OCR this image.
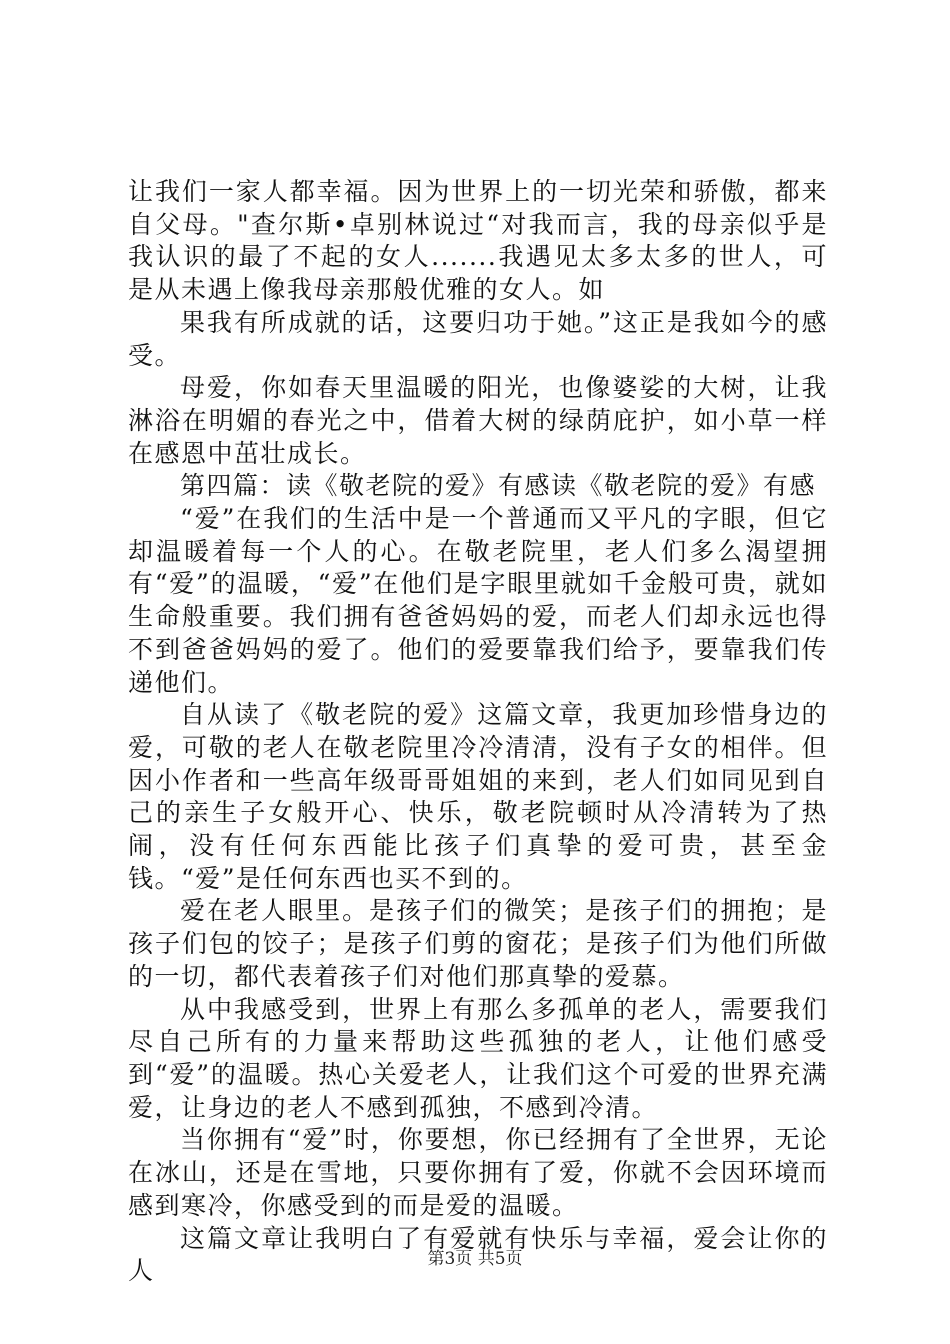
让我们一家人都幸福。因为世界上的一切光荣和骄傲，都来自父母。"查尔斯•卓别林说过“对我而言，我的母亲似乎是我认识的最了不起的女人.......我遇见太多太多的世人，可是从未遇上像我母亲那般优雅的女人。如

果我有所成就的话，这要归功于她。”这正是我如今的感受。

母爱，你如春天里温暖的阳光，也像婆娑的大树，让我淋浴在明媚的春光之中，借着大树的绿荫庇护，如小草一样在感恩中茁壮成长。

第四篇：读《敬老院的爱》有感读《敬老院的爱》有感

“爱”在我们的生活中是一个普通而又平凡的字眼，但它却温暖着每一个人的心。在敬老院里，老人们多么渴望拥有“爱”的温暖，“爱”在他们是字眼里就如千金般可贵，就如生命般重要。我们拥有爸爸妈妈的爱，而老人们却永远也得不到爸爸妈妈的爱了。他们的爱要靠我们给予，要靠我们传递他们。

自从读了《敬老院的爱》这篇文章，我更加珍惜身边的爱，可敬的老人在敬老院里冷冷清清，没有子女的相伴。但因小作者和一些高年级哥哥姐姐的来到，老人们如同见到自己的亲生子女般开心、快乐，敬老院顿时从冷清转为了热闹，没有任何东西能比孩子们真挚的爱可贵，甚至金钱。“爱”是任何东西也买不到的。

爱在老人眼里。是孩子们的微笑；是孩子们的拥抱；是孩子们包的饺子；是孩子们剪的窗花；是孩子们为他们所做的一切，都代表着孩子们对他们那真挚的爱慕。

从中我感受到，世界上有那么多孤单的老人，需要我们尽自己所有的力量来帮助这些孤独的老人，让他们感受到“爱”的温暖。热心关爱老人，让我们这个可爱的世界充满爱，让身边的老人不感到孤独，不感到冷清。

当你拥有“爱”时，你要想，你已经拥有了全世界，无论在冰山，还是在雪地，只要你拥有了爱，你就不会因环境而感到寒冷，你感受到的而是爱的温暖。

这篇文章让我明白了有爱就有快乐与幸福，爱会让你的人	第3页 共5页
